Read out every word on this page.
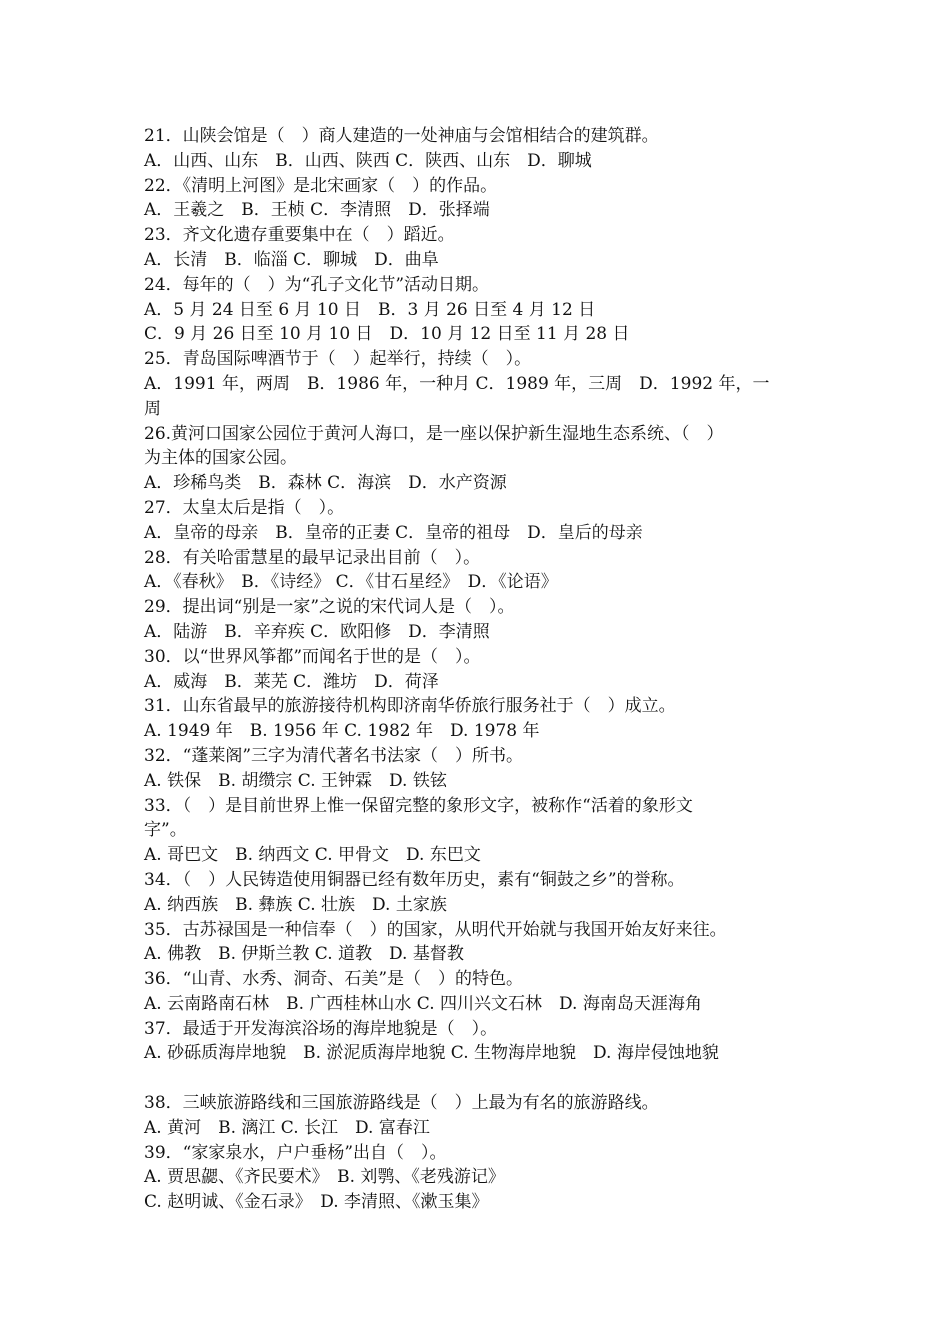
21．山陕会馆是（　）商人建造的一处神庙与会馆相结合的建筑群。
A．山西、山东　B．山西、陕西 C．陕西、山东　D．聊城
22．《清明上河图》是北宋画家（　）的作品。
A．王羲之　B．王桢 C．李清照　D．张择端
23．齐文化遗存重要集中在（　）蹈近。
A．长清　B．临淄 C．聊城　D．曲阜
24．每年的（　）为“孔子文化节”活动日期。
A．5 月 24 日至 6 月 10 日　B．3 月 26 日至 4 月 12 日
C．9 月 26 日至 10 月 10 日　D．10 月 12 日至 11 月 28 日
25．青岛国际啤酒节于（　）起举行，持续（　）。
A．1991 年，两周　B．1986 年，一种月 C．1989 年，三周　D．1992 年，一
周
26.黄河口国家公园位于黄河人海口，是一座以保护新生湿地生态系统、（　）
为主体的国家公园。
A．珍稀鸟类　B．森林 C．海滨　D．水产资源
27．太皇太后是指（　）。
A．皇帝的母亲　B．皇帝的正妻 C．皇帝的祖母　D．皇后的母亲
28．有关哈雷慧星的最早记录出目前（　）。
A．《春秋》　B．《诗经》 C．《甘石星经》　D．《论语》
29．提出词“别是一家”之说的宋代词人是（　）。
A．陆游　B．辛弃疾 C．欧阳修　D．李清照
30．以“世界风筝都”而闻名于世的是（　）。
A．威海　B．莱芜 C．潍坊　D．荷泽
31．山东省最早的旅游接待机构即济南华侨旅行服务社于（　）成立。
A. 1949 年　B. 1956 年 C. 1982 年　D. 1978 年
32．“蓬莱阁”三字为清代著名书法家（　）所书。
A. 铁保　B. 胡缵宗 C. 王钟霖　D. 铁铉
33．（　）是目前世界上惟一保留完整的象形文字，被称作“活着的象形文
字”。
A. 哥巴文　B. 纳西文 C. 甲骨文　D. 东巴文
34．（　）人民铸造使用铜器已经有数年历史，素有“铜鼓之乡”的誉称。
A. 纳西族　B. 彝族 C. 壮族　D. 土家族
35．古苏禄国是一种信奉（　）的国家，从明代开始就与我国开始友好来往。
A. 佛教　B. 伊斯兰教 C. 道教　D. 基督教
36．“山青、水秀、洞奇、石美”是（　）的特色。
A. 云南路南石林　B. 广西桂林山水 C. 四川兴文石林　D. 海南岛天涯海角
37．最适于开发海滨浴场的海岸地貌是（　）。
A. 砂砾质海岸地貌　B. 淤泥质海岸地貌 C. 生物海岸地貌　D. 海岸侵蚀地貌
38．三峡旅游路线和三国旅游路线是（　）上最为有名的旅游路线。
A. 黄河　B. 漓江 C. 长江　D. 富春江
39．“家家泉水，户户垂杨”出自（　）。
A. 贾思勰、《齐民要术》　B. 刘鹗、《老残游记》
C. 赵明诚、《金石录》　D. 李清照、《漱玉集》
